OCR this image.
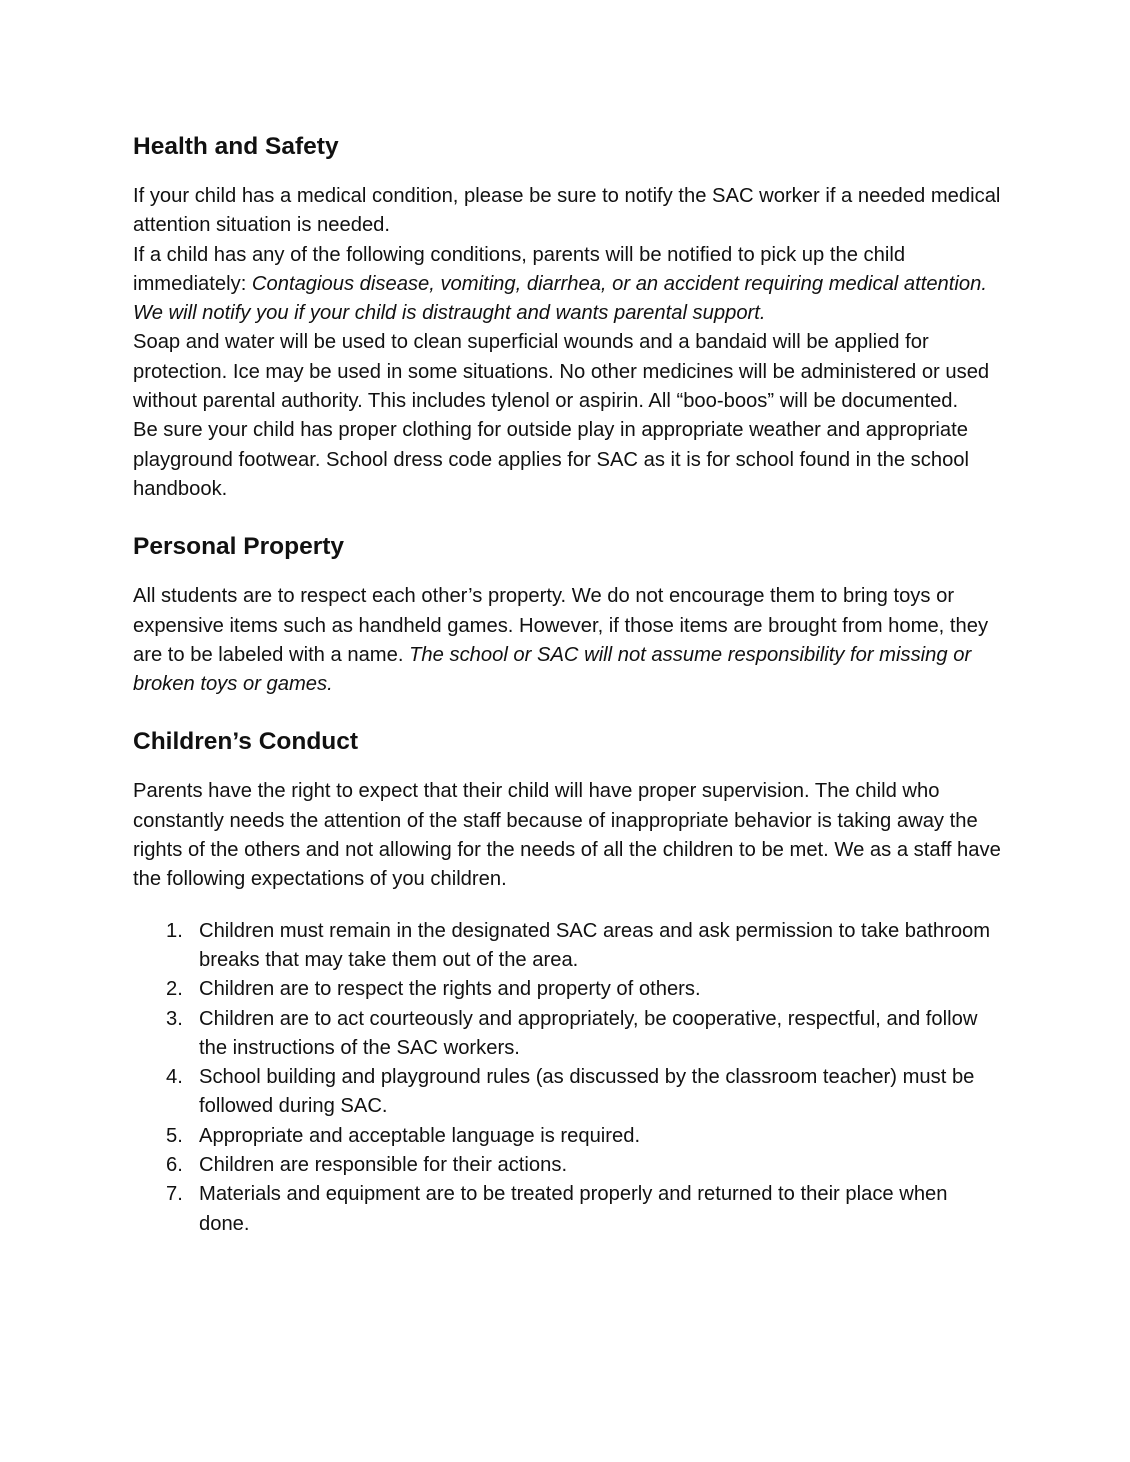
Health and Safety

If your child has a medical condition, please be sure to notify the SAC worker if a needed medical attention situation is needed.

If a child has any of the following conditions, parents will be notified to pick up the child immediately: Contagious disease, vomiting, diarrhea, or an accident requiring medical attention. We will notify you if your child is distraught and wants parental support.

Soap and water will be used to clean superficial wounds and a bandaid will be applied for protection. Ice may be used in some situations. No other medicines will be administered or used without parental authority. This includes tylenol or aspirin. All “boo-boos” will be documented.

Be sure your child has proper clothing for outside play in appropriate weather and appropriate playground footwear. School dress code applies for SAC as it is for school found in the school handbook.

Personal Property

All students are to respect each other’s property. We do not encourage them to bring toys or expensive items such as handheld games. However, if those items are brought from home, they are to be labeled with a name. The school or SAC will not assume responsibility for missing or broken toys or games.

Children’s Conduct

Parents have the right to expect that their child will have proper supervision. The child who constantly needs the attention of the staff because of inappropriate behavior is taking away the rights of the others and not allowing for the needs of all the children to be met. We as a staff have the following expectations of you children.

1. Children must remain in the designated SAC areas and ask permission to take bathroom breaks that may take them out of the area.
2. Children are to respect the rights and property of others.
3. Children are to act courteously and appropriately, be cooperative, respectful, and follow the instructions of the SAC workers.
4. School building and playground rules (as discussed by the classroom teacher) must be followed during SAC.
5. Appropriate and acceptable language is required.
6. Children are responsible for their actions.
7. Materials and equipment are to be treated properly and returned to their place when done.
